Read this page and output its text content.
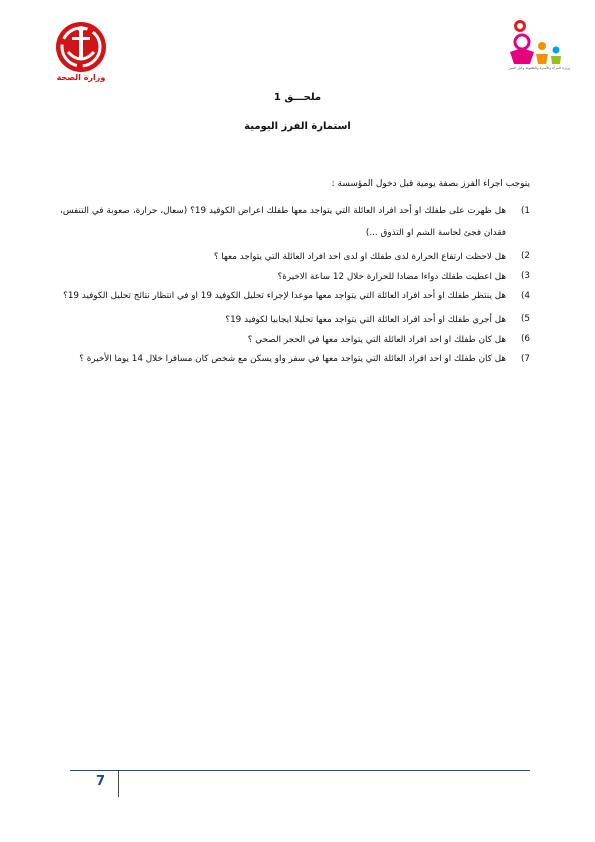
وزارة الصحة
وزارة المرأة والأسرة والطفولة وكبار السن
ملحـــق 1
استمارة الفرز اليومية
يتوجب اجراء الفرز بصفة يومية قبل دخول المؤسسة :
1)
هل ظهرت على طفلك او أحد افراد العائلة التي يتواجد معها طفلك اعراض الكوفيد 19؟ (سعال، حرارة، صعوبة في التنفس، فقدان فجئ لحاسة الشم او التذوق ...)
2)
هل لاحظت ارتفاع الحرارة لدى طفلك او لدى احد افراد العائلة التي يتواجد معها ؟
3)
هل اعطيت طفلك دواءا مضادا للحرارة خلال 12 ساعة الاخيرة؟
4)
هل ينتظر طفلك او أحد افراد العائلة التي يتواجد معها موعدا لإجراء تحليل الكوفيد 19 او في انتظار نتائج تحليل الكوفيد 19؟
5)
هل أجري طفلك او أحد افراد العائلة التي يتواجد معها تحليلا ايجابيا لكوفيد 19؟
6)
هل كان طفلك او احد افراد العائلة التي يتواجد معها في الحجر الصحي ؟
7)
هل كان طفلك او احد افراد العائلة التي يتواجد معها في سفر واو يسكن مع شخص كان مسافرا خلال 14 يوما الأخيرة ؟
7
